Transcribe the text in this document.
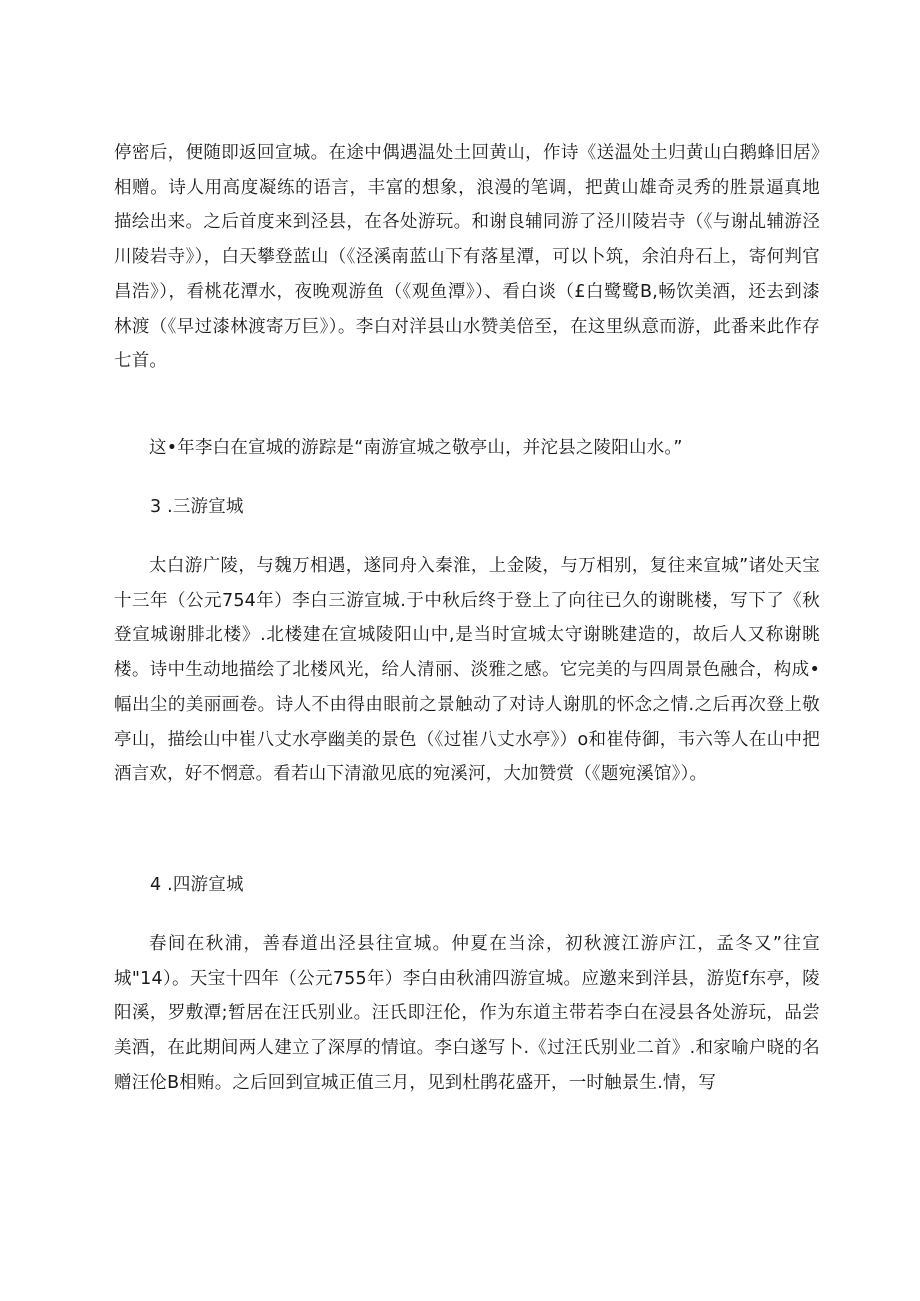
停密后，便随即返回宣城。在途中偶遇温处土回黄山，作诗《送温处土归黄山白鹅蜂旧居》相赠。诗人用高度凝练的语言，丰富的想象，浪漫的笔调，把黄山雄奇灵秀的胜景逼真地描绘出来。之后首度来到泾县，在各处游玩。和谢良辅同游了泾川陵岩寺（《与谢乩辅游泾川陵岩寺》），白天攀登蓝山（《泾溪南蓝山下有落星潭，可以卜筑，余泊舟石上，寄何判官昌浩》），看桃花潭水，夜晚观游鱼（《观鱼潭》）、看白谈（£白鹭鹭B,畅饮美酒，还去到漆林渡（《早过漆林渡寄万巨》）。李白对洋县山水赞美倍至，在这里纵意而游，此番来此作存七首。

这•年李白在宣城的游踪是“南游宣城之敬亭山，并沱县之陵阳山水。”

3 .三游宣城

太白游广陵，与魏万相遇，遂同舟入秦淮，上金陵，与万相别，复往来宣城”诸处天宝十三年（公元754年）李白三游宣城.于中秋后终于登上了向往已久的谢眺楼，写下了《秋登宣城谢腓北楼》.北楼建在宣城陵阳山中,是当时宣城太守谢眺建造的，故后人又称谢眺楼。诗中生动地描绘了北楼风光，给人清丽、淡雅之感。它完美的与四周景色融合，构成•幅出尘的美丽画卷。诗人不由得由眼前之景触动了对诗人谢肌的怀念之情.之后再次登上敬亭山，描绘山中崔八丈水亭幽美的景色（《过崔八丈水亭》）o和崔侍御，韦六等人在山中把酒言欢，好不惘意。看若山下清澈见底的宛溪河，大加赞赏（《题宛溪馆》）。

4 .四游宣城

春间在秋浦，善春道出泾县往宣城。仲夏在当涂，初秋渡江游庐江，孟冬又”往宣城"14）。天宝十四年（公元755年）李白由秋浦四游宣城。应邀来到洋县，游览f东亭，陵阳溪，罗敷潭;暂居在汪氏别业。汪氏即汪伦，作为东道主带若李白在浸县各处游玩，品尝美酒，在此期间两人建立了深厚的情谊。李白遂写卜.《过汪氏别业二首》.和家喻户晓的名赠汪伦B相贿。之后回到宣城正值三月，见到杜鹃花盛开，一时触景生.情，写
